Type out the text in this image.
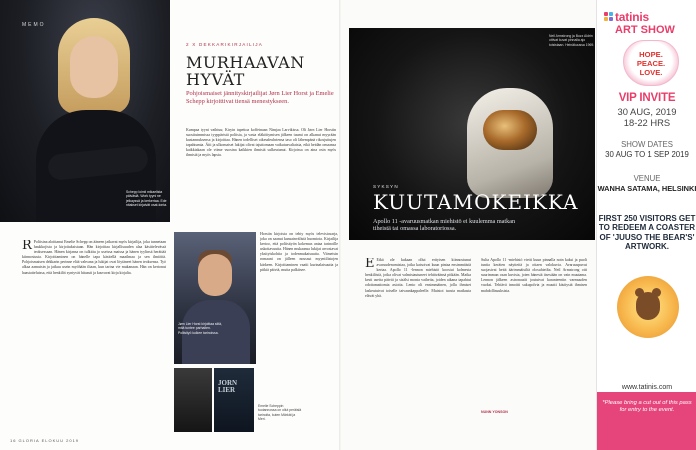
MEMO
Schepp loimii mikaelista päiväsiä. Work tyyni ne jelkayssä ja kerkertaa. Ede nitakset kirjaivät osat-tonta.
2 X DEKKARIKIRJAILIJA
MURHAAVAN HYVÄT
Pohjoismaiset jännityskirjailijat Jørn Lier Horst ja Emelie Schepp kirjoittivat tiensä menestykseen.
Kumpaa tyyni vaihtuu; Kiryin tapettoa koffeinaan Nimjaa Larvikissa. Oli Jørn Lier Horstin suosituimmissa tyyppäristä poliisia, ja vasta eläköitymisen jälkeen tuumi on alkanut myyrään kustannuksensa ja kirjoittaa. Hänen todelliset oikeudeuhriensa taso oli lähempänä rikosjuttujen tapahtumia. Äiti ja ulkomaiset lukijat olivat tajuttomaan vaikutusvaltaisia, eikä heidän omaansa kaikkiakaan ole viime vuosina kaikkien ihmisiä sulkeutunut. Kirjoissa on aina osin myös ihmisiä ja myös lapsia.
R Poliisina aloittanut Emelie Schepp on ääneen jatkavat myös kirjailija, joka tunnetaan haukkojista ja kirjoituksistaan. Hän kirjoittaa kirjallisuuden alaa käsittelevässä teoksessaan. Hänen kirjansa on tulkittu jo useissa maissa ja hänen tyylinsä herättää kiinnostusta. Kirjoittaminen on hänelle tapa käsitellä maailmaa ja sen ilmiöitä. Pohjoismaisen dekkarin perinne elää vahvana ja lukijat ovat löytäneet hänen teoksensa. Työ alkaa aamuisin ja jatkuu usein myöhään iltaan, kun tarina vie mukanaan. Hän on kertonut haastatteluissa, että henkilöt syntyvät hitaasti ja kasvavat kirja kirjalta.
Jørn Lier Horst kirjoittaa siitä, mitä tuntee parhaiten. Poliisityö kulkee tarinoissa.
Horstin kirjoista on tehty myös televisiosarja, joka on saanut kansainvälistä huomiota. Kirjailija kertoo, että poliisityön kokemus antaa tarinoille uskottavuutta. Hänen mukaansa lukijat arvostavat yksityiskohtia ja todenmukaisuutta. Viimeisin romaani on jälleen noussut myyntilistojen kärkeen. Kirjoittaminen vaatii kurinalaisuutta ja pitkiä päiviä, mutta palkitsee.
JORN LIER
Emelie Scheppin tuotannossa on ollut peräisiä tarinoita, kuten Märkät ja Meri.
16 GLORIA ELOKUU 2019
Neil Armstrong ja Buzz Aldrin ottivat kuvat pinnalla ajo toisistaan. Heinäkuussa 1969.
SYKSYN
KUUTAMOKEIKKA
Apollo 11 -avaruusmatkan miehistö ei kuulemma matkan tiheistä tai omassa laboratoriossa.
E Eikä ole kukaan ollut erityisen kiinnostunut avaruudenomistaa, jotka katsoivat kuun pintaa ensimmäistä kertaa. Apollo 11 -lennon miehistö koostui kolmesta henkilöstä, jotka olivat valmistautuneet tehtäväänsä pitkään. Matka kesti useita päiviä ja sisälsi monia vaiheita, joiden aikana tapahtui odottamattomia asioita. Lento oli ensimmäinen, jolla ihmiset laskeutuivat toiselle taivaankappaleelle. Muistot tuosta matkasta elävät yhä.
Sulta Apollo 11 -miehistö vietti kuun pinnalla noin kaksi ja puoli tuntia keräten näytteitä ja ottaen valokuvia. Avaruuspuvut suojasivat heitä äärimmäisiltä olosuhteilta. Neil Armstrong otti suurimman osan kuvista, joten hänestä itsestään on vain muutama. Lennon jälkeen astronautit joutuivat karanteeniin varmuuden vuoksi. Tehtävä innoitti sukupolvia ja muutti käsitystä ihmisen mahdollisuuksista.
NUNN YONSON
tatinis
ART SHOW
HOPE. PEACE. LOVE.
VIP INVITE
30 AUG, 2019
18-22 HRS
SHOW DATES
30 AUG TO 1 SEP 2019
VENUE
WANHA SATAMA, HELSINKI
FIRST 250 VISITORS GET TO REDEEM A COASTER OF 'JUUSO THE BEAR'S' ARTWORK.
www.tatinis.com
*Please bring a cut out of this pass for entry to the event.
